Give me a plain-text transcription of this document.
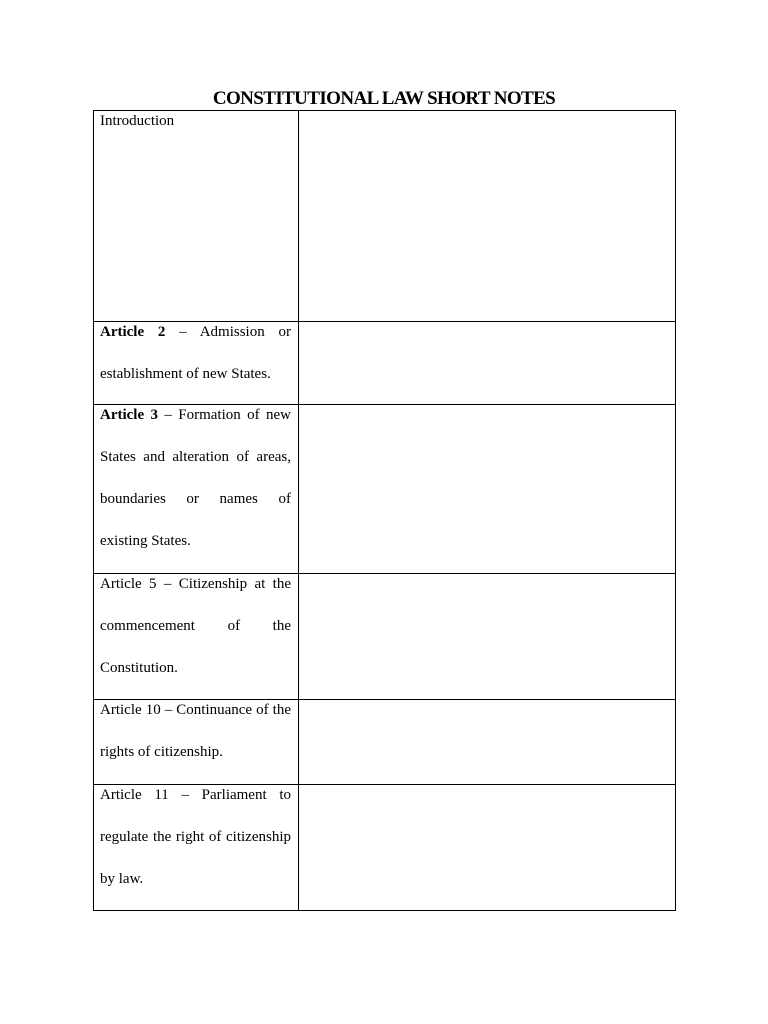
CONSTITUTIONAL LAW SHORT NOTES
Introduction	

Article 2 – Admission or establishment of new States.	

Article 3 – Formation of new States and alteration of areas, boundaries or names of existing States.	

Article 5 – Citizenship at the commencement of the Constitution.	

Article 10 – Continuance of the rights of citizenship.	

Article 11 – Parliament to regulate the right of citizenship by law.	
